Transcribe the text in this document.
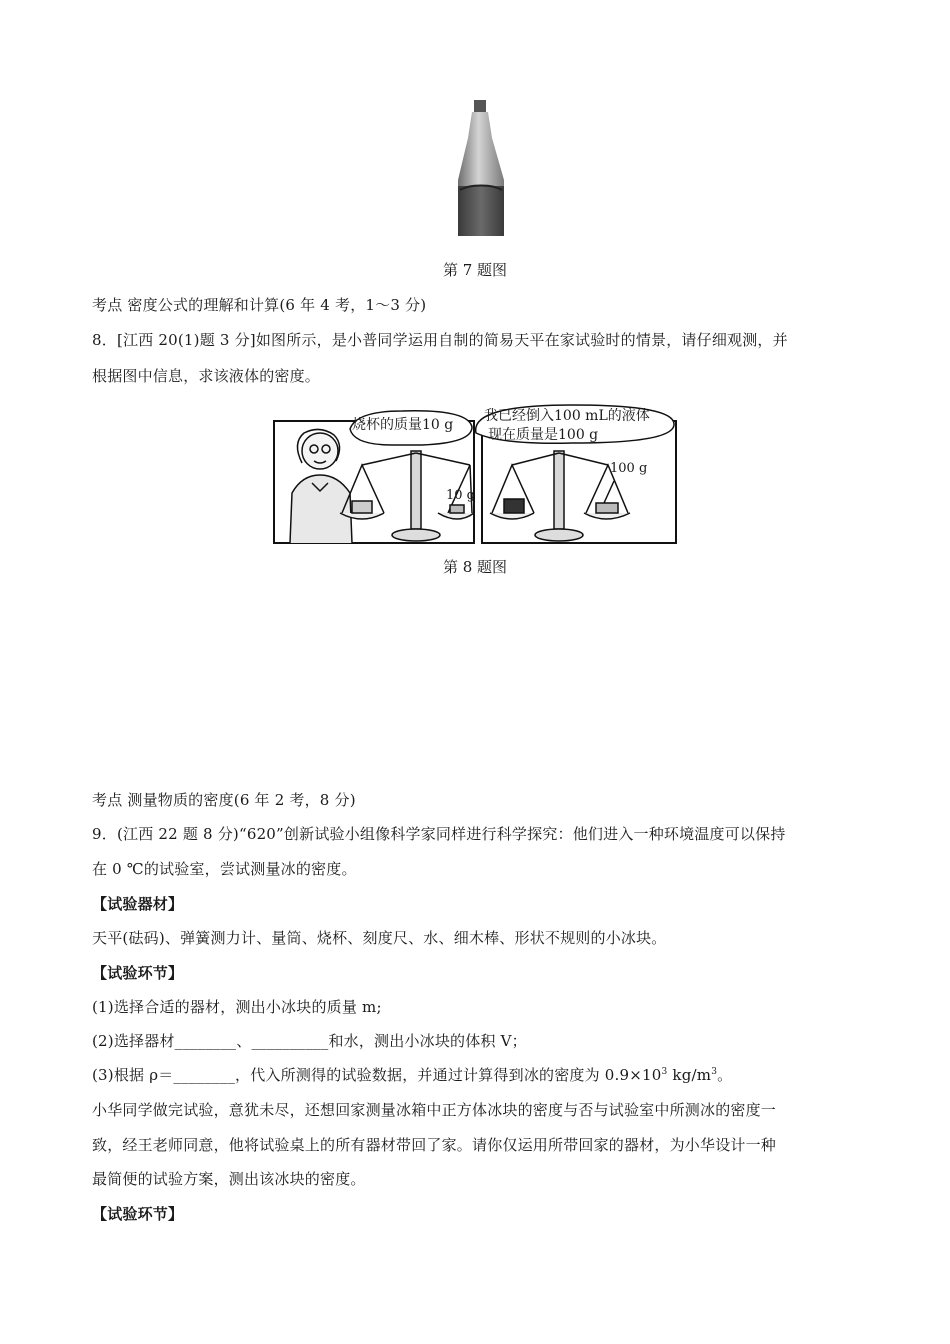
第 7 题图
考点 密度公式的理解和计算(6 年 4 考，1～3 分)
8．[江西 20(1)题 3 分]如图所示，是小普同学运用自制的简易天平在家试验时的情景，请仔细观测，并
根据图中信息，求该液体的密度。
烧杯的质量10 g
我已经倒入100 mL的液体
现在质量是100 g
10 g
100 g
第 8 题图
考点 测量物质的密度(6 年 2 考，8 分)
9．(江西 22 题 8 分)“620”创新试验小组像科学家同样进行科学探究：他们进入一种环境温度可以保持
在 0 ℃的试验室，尝试测量冰的密度。
【试验器材】
天平(砝码)、弹簧测力计、量筒、烧杯、刻度尺、水、细木棒、形状不规则的小冰块。
【试验环节】
(1)选择合适的器材，测出小冰块的质量 m;
(2)选择器材________、__________和水，测出小冰块的体积 V；
(3)根据 ρ＝________，代入所测得的试验数据，并通过计算得到冰的密度为 $0.9\times 10^3$ $kg/m^3$。
小华同学做完试验，意犹未尽，还想回家测量冰箱中正方体冰块的密度与否与试验室中所测冰的密度一
致，经王老师同意，他将试验桌上的所有器材带回了家。请你仅运用所带回家的器材，为小华设计一种
最简便的试验方案，测出该冰块的密度。
【试验环节】
